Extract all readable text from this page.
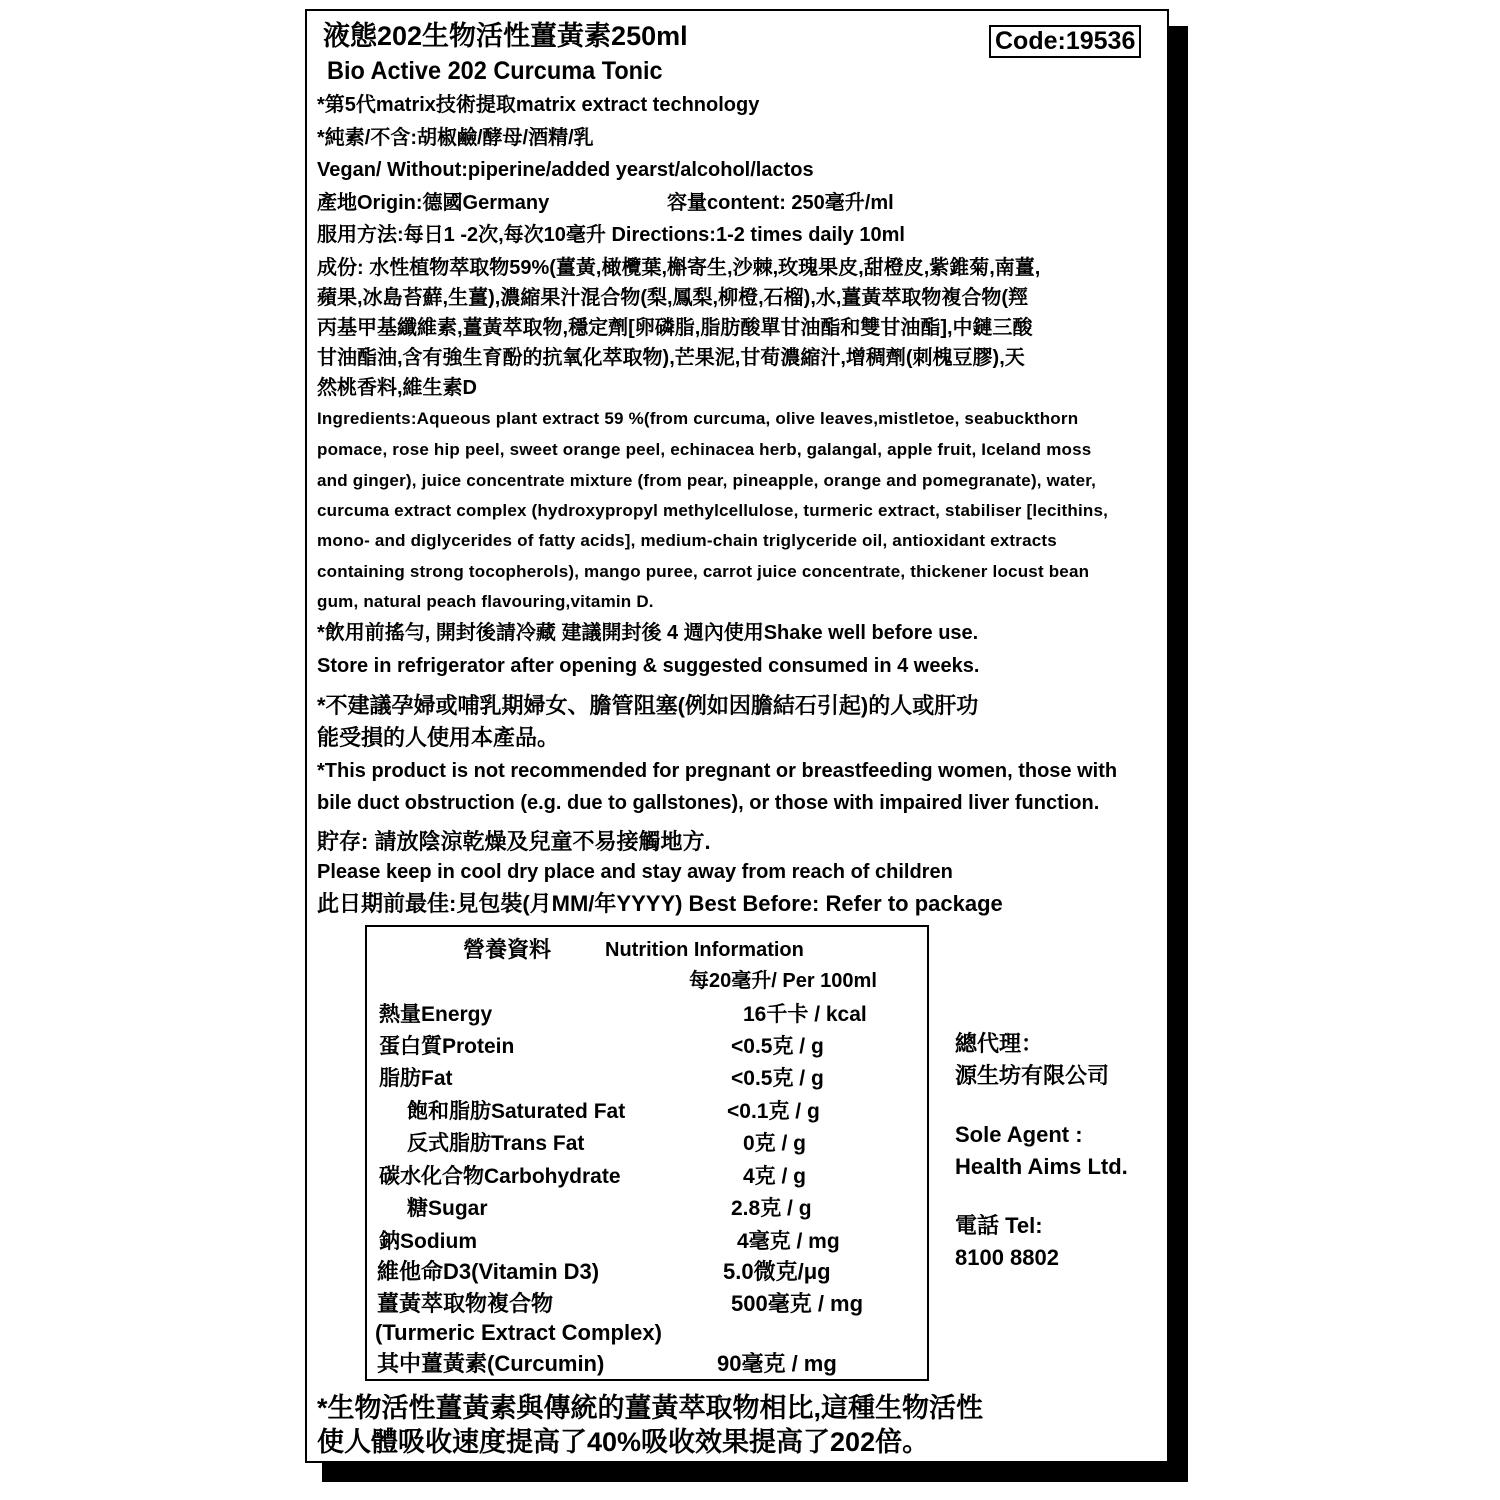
液態202生物活性薑黃素250ml
Bio Active 202 Curcuma Tonic
Code:19536
*第5代matrix技術提取matrix extract technology
*純素/不含:胡椒鹼/酵母/酒精/乳
Vegan/ Without:piperine/added yearst/alcohol/lactos
產地Origin:德國Germany	容量content: 250毫升/ml
服用方法:每日1 -2次,每次10毫升 Directions:1-2 times daily 10ml
成份: 水性植物萃取物59%(薑黃,橄欖葉,槲寄生,沙棘,玫瑰果皮,甜橙皮,紫錐菊,南薑,
蘋果,冰島苔蘚,生薑),濃縮果汁混合物(梨,鳳梨,柳橙,石榴),水,薑黃萃取物複合物(羥
丙基甲基纖維素,薑黃萃取物,穩定劑[卵磷脂,脂肪酸單甘油酯和雙甘油酯],中鏈三酸
甘油酯油,含有強生育酚的抗氧化萃取物),芒果泥,甘荀濃縮汁,增稠劑(刺槐豆膠),天
然桃香料,維生素D
Ingredients:Aqueous plant extract 59 %(from curcuma, olive leaves,mistletoe, seabuckthorn
pomace, rose hip peel, sweet orange peel, echinacea herb, galangal, apple fruit, Iceland moss
and ginger), juice concentrate mixture (from pear, pineapple, orange and pomegranate), water,
curcuma extract complex (hydroxypropyl methylcellulose, turmeric extract, stabiliser [lecithins,
mono- and diglycerides of fatty acids], medium-chain triglyceride oil, antioxidant extracts
containing strong tocopherols), mango puree, carrot juice concentrate, thickener locust bean
gum, natural peach flavouring,vitamin D.
*飲用前搖勻, 開封後請冷藏 建議開封後 4 週內使用Shake well before use.
Store in refrigerator after opening & suggested consumed in 4 weeks.
*不建議孕婦或哺乳期婦女、膽管阻塞(例如因膽結石引起)的人或肝功
能受損的人使用本產品。
*This product is not recommended for pregnant or breastfeeding women, those with
bile duct obstruction (e.g. due to gallstones), or those with impaired liver function.
貯存: 請放陰涼乾燥及兒童不易接觸地方.
Please keep in cool dry place and stay away from reach of children
此日期前最佳:見包裝(月MM/年YYYY) Best Before: Refer to package
營養資料	Nutrition Information
每20毫升/ Per 100ml
熱量Energy	16千卡 / kcal
蛋白質Protein	<0.5克 / g
脂肪Fat	<0.5克 / g
飽和脂肪Saturated Fat	<0.1克 / g
反式脂肪Trans Fat	0克 / g
碳水化合物Carbohydrate	4克 / g
糖Sugar	2.8克 / g
鈉Sodium	4毫克 / mg
維他命D3(Vitamin D3)	5.0微克/μg
薑黃萃取物複合物	500毫克 / mg
(Turmeric Extract Complex)
其中薑黃素(Curcumin)	90毫克 / mg
總代理：
源生坊有限公司
Sole Agent :
Health Aims Ltd.
電話 Tel:
8100 8802
*生物活性薑黃素與傳統的薑黃萃取物相比,這種生物活性
使人體吸收速度提高了40%吸收效果提高了202倍。
